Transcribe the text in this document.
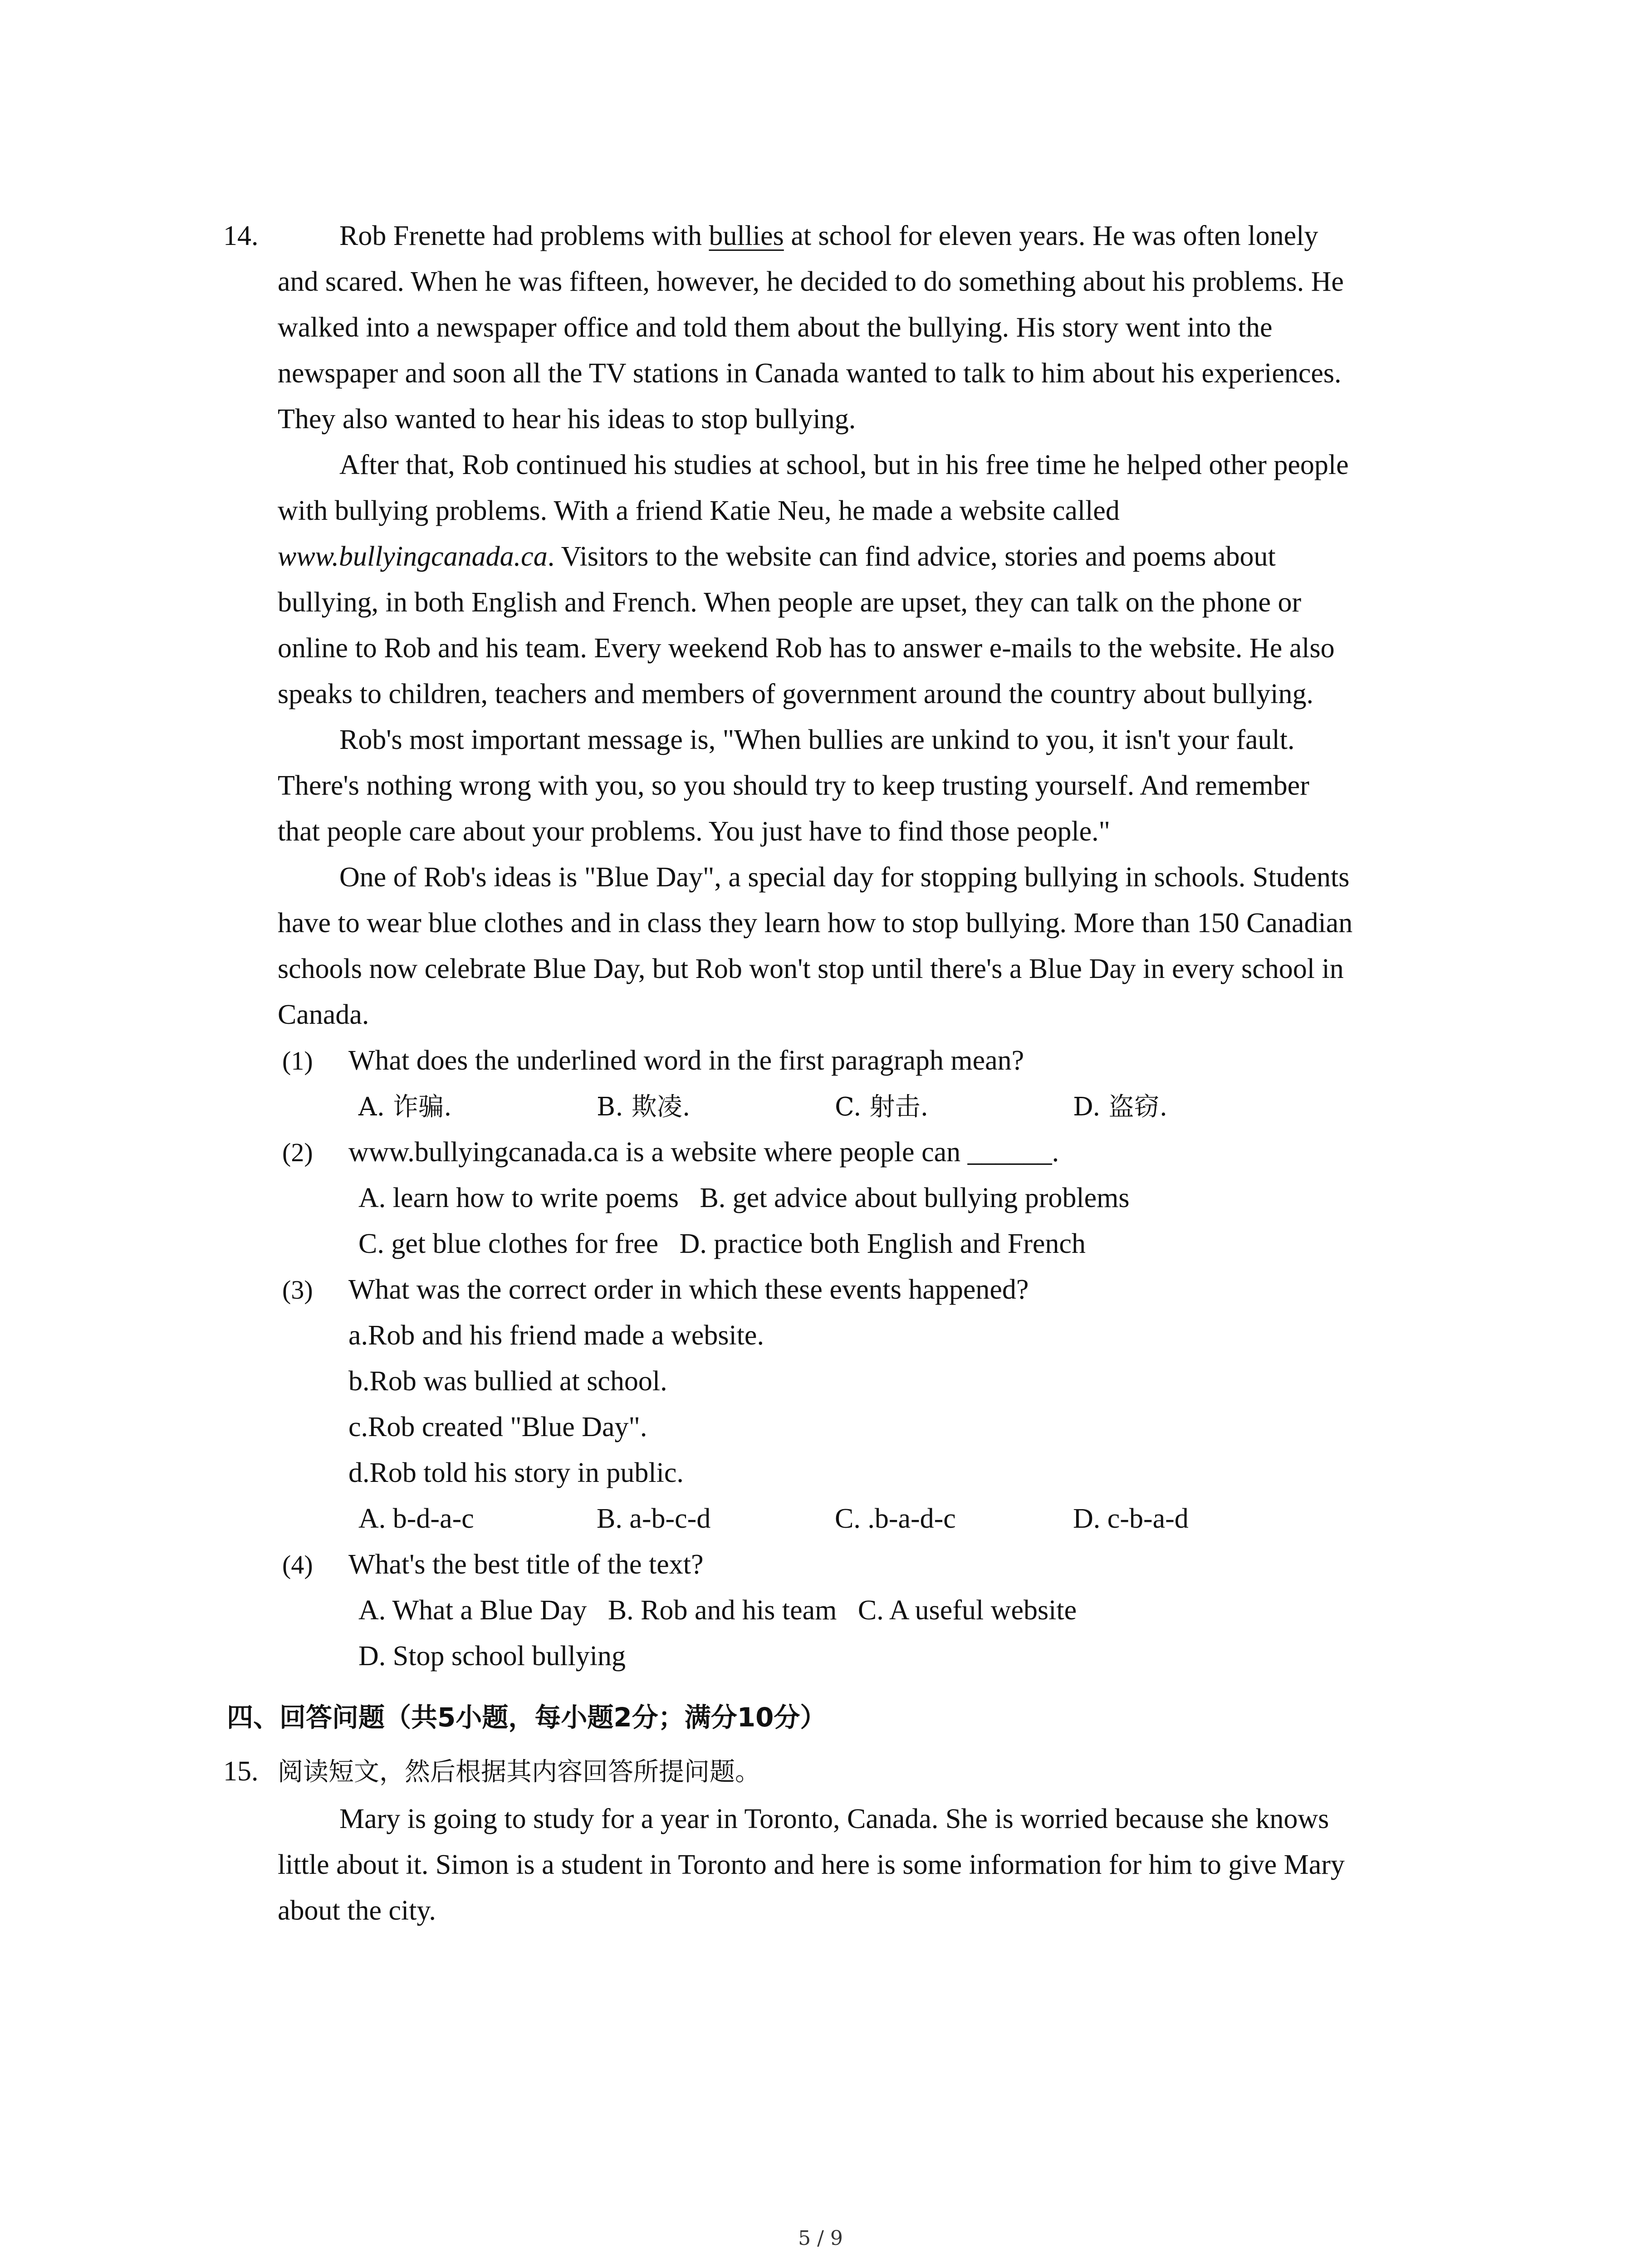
14.	Rob Frenette had problems with bullies at school for eleven years. He was often lonely
and scared. When he was fifteen, however, he decided to do something about his problems. He
walked into a newspaper office and told them about the bullying. His story went into the
newspaper and soon all the TV stations in Canada wanted to talk to him about his experiences.
They also wanted to hear his ideas to stop bullying.
After that, Rob continued his studies at school, but in his free time he helped other people
with bullying problems. With a friend Katie Neu, he made a website called
www.bullyingcanada.ca. Visitors to the website can find advice, stories and poems about
bullying, in both English and French. When people are upset, they can talk on the phone or
online to Rob and his team. Every weekend Rob has to answer e-mails to the website. He also
speaks to children, teachers and members of government around the country about bullying.
Rob's most important message is, "When bullies are unkind to you, it isn't your fault.
There's nothing wrong with you, so you should try to keep trusting yourself. And remember
that people care about your problems. You just have to find those people."
One of Rob's ideas is "Blue Day", a special day for stopping bullying in schools. Students
have to wear blue clothes and in class they learn how to stop bullying. More than 150 Canadian
schools now celebrate Blue Day, but Rob won't stop until there's a Blue Day in every school in
Canada.
(1) What does the underlined word in the first paragraph mean?
A. 诈骗.	B. 欺凌.	C. 射击.	D. 盗窃.
(2) www.bullyingcanada.ca is a website where people can ______.
A. learn how to write poems   B. get advice about bullying problems
C. get blue clothes for free   D. practice both English and French
(3) What was the correct order in which these events happened?
a.Rob and his friend made a website.
b.Rob was bullied at school.
c.Rob created "Blue Day".
d.Rob told his story in public.
A. b-d-a-c	B. a-b-c-d	C. .b-a-d-c	D. c-b-a-d
(4) What's the best title of the text?
A. What a Blue Day   B. Rob and his team   C. A useful website
D. Stop school bullying
四、回答问题（共5小题，每小题2分；满分10分）
15. 阅读短文，然后根据其内容回答所提问题。
Mary is going to study for a year in Toronto, Canada. She is worried because she knows
little about it. Simon is a student in Toronto and here is some information for him to give Mary
about the city.
5 / 9
